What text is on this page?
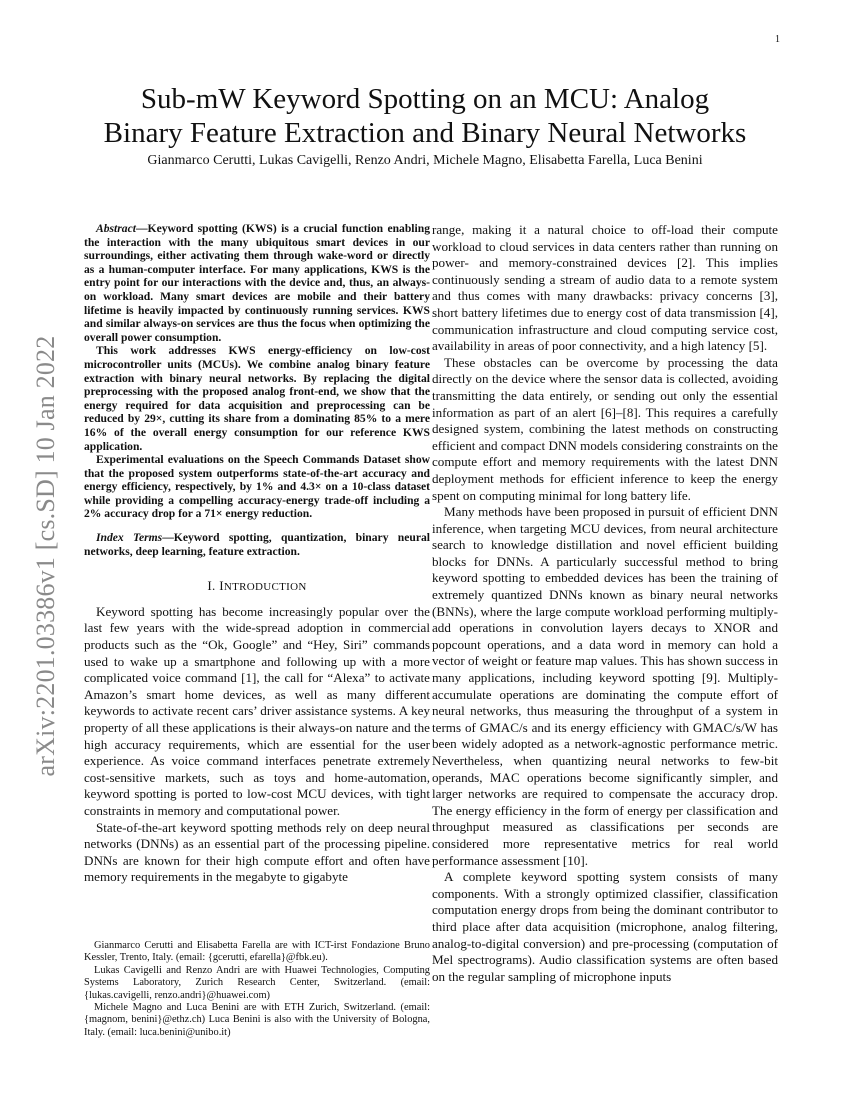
1
arXiv:2201.03386v1 [cs.SD] 10 Jan 2022
Sub-mW Keyword Spotting on an MCU: Analog
Binary Feature Extraction and Binary Neural Networks

Gianmarco Cerutti, Lukas Cavigelli, Renzo Andri, Michele Magno, Elisabetta Farella, Luca Benini

Abstract—Keyword spotting (KWS) is a crucial function enabling the interaction with the many ubiquitous smart devices in our surroundings, either activating them through wake-word or directly as a human-computer interface. For many applications, KWS is the entry point for our interactions with the device and, thus, an always-on workload. Many smart devices are mobile and their battery lifetime is heavily impacted by continuously running services. KWS and similar always-on services are thus the focus when optimizing the overall power consumption.

This work addresses KWS energy-efficiency on low-cost microcontroller units (MCUs). We combine analog binary feature extraction with binary neural networks. By replacing the digital preprocessing with the proposed analog front-end, we show that the energy required for data acquisition and preprocessing can be reduced by 29×, cutting its share from a dominating 85% to a mere 16% of the overall energy consumption for our reference KWS application.

Experimental evaluations on the Speech Commands Dataset show that the proposed system outperforms state-of-the-art accuracy and energy efficiency, respectively, by 1% and 4.3× on a 10-class dataset while providing a compelling accuracy-energy trade-off including a 2% accuracy drop for a 71× energy reduction.

Index Terms—Keyword spotting, quantization, binary neural networks, deep learning, feature extraction.

I. INTRODUCTION

Keyword spotting has become increasingly popular over the last few years with the wide-spread adoption in commercial products such as the “Ok, Google” and “Hey, Siri” commands used to wake up a smartphone and following up with a more complicated voice command [1], the call for “Alexa” to activate Amazon’s smart home devices, as well as many different keywords to activate recent cars’ driver assistance systems. A key property of all these applications is their always-on nature and the high accuracy requirements, which are essential for the user experience. As voice command interfaces penetrate extremely cost-sensitive markets, such as toys and home-automation, keyword spotting is ported to low-cost MCU devices, with tight constraints in memory and computational power.

State-of-the-art keyword spotting methods rely on deep neural networks (DNNs) as an essential part of the processing pipeline. DNNs are known for their high compute effort and often have memory requirements in the megabyte to gigabyte

Gianmarco Cerutti and Elisabetta Farella are with ICT-irst Fondazione Bruno Kessler, Trento, Italy. (email: {gcerutti, efarella}@fbk.eu).

Lukas Cavigelli and Renzo Andri are with Huawei Technologies, Computing Systems Laboratory, Zurich Research Center, Switzerland. (email: {lukas.cavigelli, renzo.andri}@huawei.com)

Michele Magno and Luca Benini are with ETH Zurich, Switzerland. (email: {magnom, benini}@ethz.ch) Luca Benini is also with the University of Bologna, Italy. (email: luca.benini@unibo.it)

range, making it a natural choice to off-load their compute workload to cloud services in data centers rather than running on power- and memory-constrained devices [2]. This implies continuously sending a stream of audio data to a remote system and thus comes with many drawbacks: privacy concerns [3], short battery lifetimes due to energy cost of data transmission [4], communication infrastructure and cloud computing service cost, availability in areas of poor connectivity, and a high latency [5].

These obstacles can be overcome by processing the data directly on the device where the sensor data is collected, avoiding transmitting the data entirely, or sending out only the essential information as part of an alert [6]–[8]. This requires a carefully designed system, combining the latest methods on constructing efficient and compact DNN models considering constraints on the compute effort and memory requirements with the latest DNN deployment methods for efficient inference to keep the energy spent on computing minimal for long battery life.

Many methods have been proposed in pursuit of efficient DNN inference, when targeting MCU devices, from neural architecture search to knowledge distillation and novel efficient building blocks for DNNs. A particularly successful method to bring keyword spotting to embedded devices has been the training of extremely quantized DNNs known as binary neural networks (BNNs), where the large compute workload performing multiply-add operations in convolution layers decays to XNOR and popcount operations, and a data word in memory can hold a vector of weight or feature map values. This has shown success in many applications, including keyword spotting [9]. Multiply-accumulate operations are dominating the compute effort of neural networks, thus measuring the throughput of a system in terms of GMAC/s and its energy efficiency with GMAC/s/W has been widely adopted as a network-agnostic performance metric. Nevertheless, when quantizing neural networks to few-bit operands, MAC operations become significantly simpler, and larger networks are required to compensate the accuracy drop. The energy efficiency in the form of energy per classification and throughput measured as classifications per seconds are considered more representative metrics for real world performance assessment [10].

A complete keyword spotting system consists of many components. With a strongly optimized classifier, classification computation energy drops from being the dominant contributor to third place after data acquisition (microphone, analog filtering, analog-to-digital conversion) and pre-processing (computation of Mel spectrograms). Audio classification systems are often based on the regular sampling of microphone inputs
